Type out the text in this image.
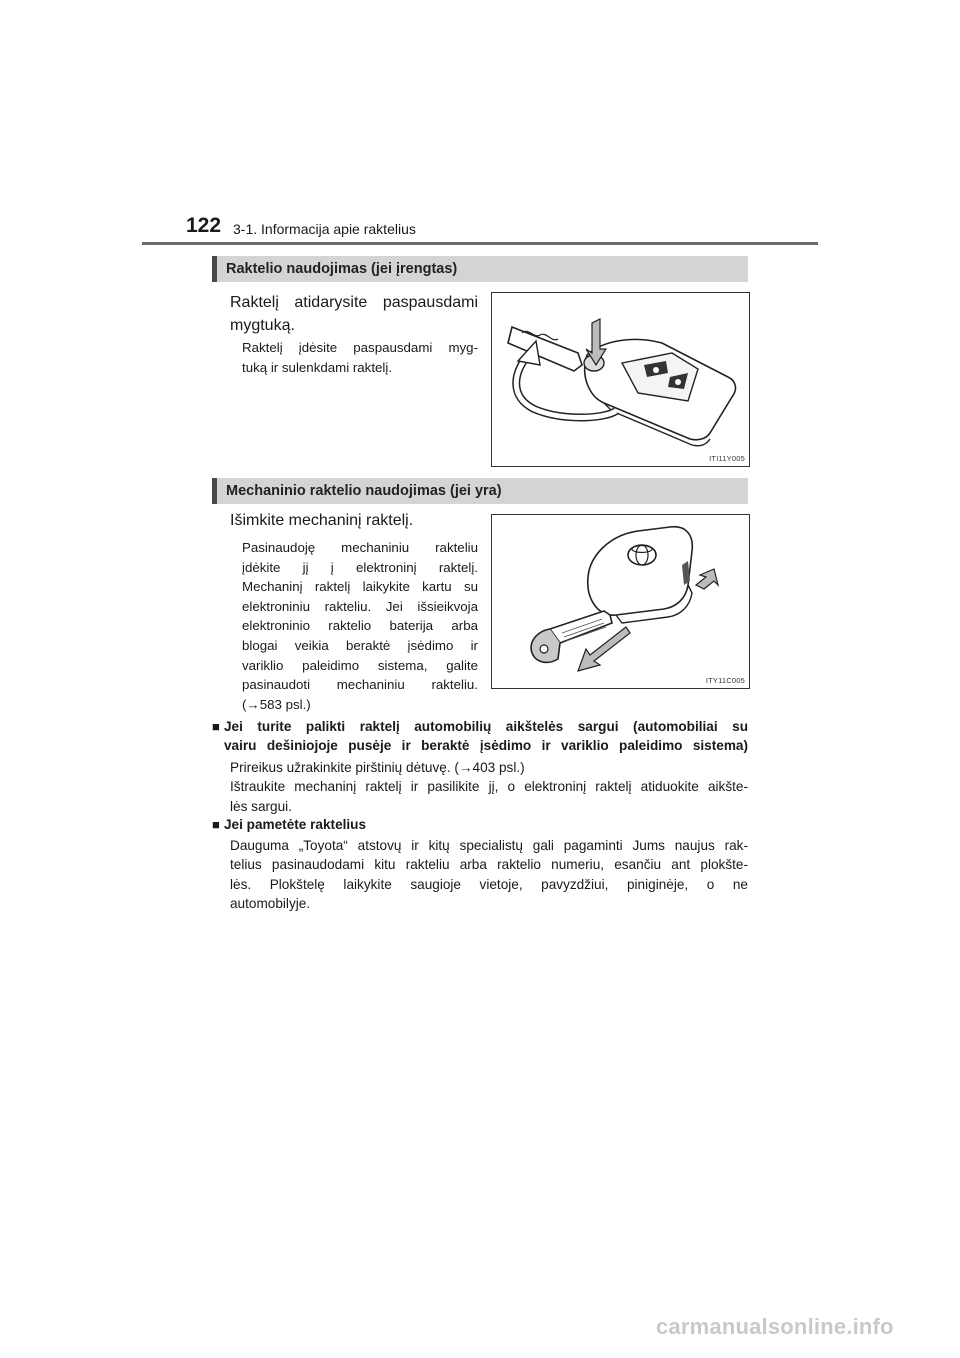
122 3-1. Informacija apie raktelius
Raktelio naudojimas (jei įrengtas)
Raktelį atidarysite paspausdami
mygtuką.
Raktelį įdėsite paspausdami myg-
tuką ir sulenkdami raktelį.
ITI11Y005
Mechaninio raktelio naudojimas (jei yra)
Išimkite mechaninį raktelį.
Pasinaudoję mechaniniu rakteliu
įdėkite jį į elektroninį raktelį.
Mechaninį raktelį laikykite kartu su
elektroniniu rakteliu. Jei išsieikvoja
elektroninio raktelio baterija arba
blogai veikia beraktė įsėdimo ir
variklio paleidimo sistema, galite
pasinaudoti mechaniniu rakteliu.
(→583 psl.)
ITY11C005
■ Jei turite palikti raktelį automobilių aikštelės sargui (automobiliai su
vairu dešiniojoje pusėje ir beraktė įsėdimo ir variklio paleidimo sistema)
Prireikus užrakinkite pirštinių dėtuvę. (→403 psl.)
Ištraukite mechaninį raktelį ir pasilikite jį, o elektroninį raktelį atiduokite aikšte-
lės sargui.
■ Jei pametėte raktelius
Dauguma „Toyota“ atstovų ir kitų specialistų gali pagaminti Jums naujus rak-
telius pasinaudodami kitu rakteliu arba raktelio numeriu, esančiu ant plokšte-
lės. Plokštelę laikykite saugioje vietoje, pavyzdžiui, piniginėje, o ne
automobilyje.
carmanualsonline.info
